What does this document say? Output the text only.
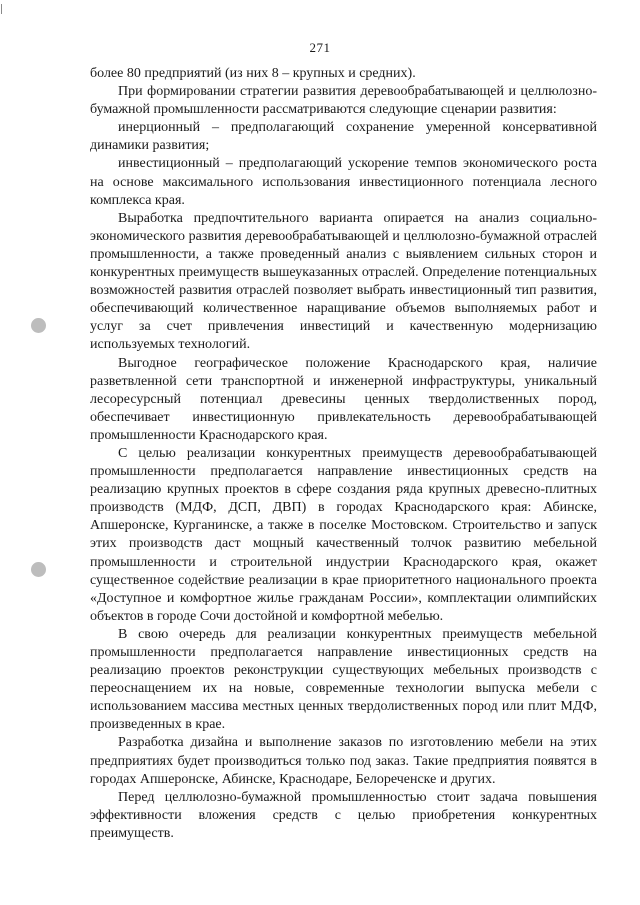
271

более 80 предприятий (из них 8 – крупных и средних).

При формировании стратегии развития деревообрабатывающей и целлюлозно-бумажной промышленности рассматриваются следующие сценарии развития:

инерционный – предполагающий сохранение умеренной консервативной динамики развития;

инвестиционный – предполагающий ускорение темпов экономического роста на основе максимального использования инвестиционного потенциала лесного комплекса края.

Выработка предпочтительного варианта опирается на анализ социально-экономического развития деревообрабатывающей и целлюлозно-бумажной отраслей промышленности, а также проведенный анализ с выявлением сильных сторон и конкурентных преимуществ вышеуказанных отраслей. Определение потенциальных возможностей развития отраслей позволяет выбрать инвестиционный тип развития, обеспечивающий количественное наращивание объемов выполняемых работ и услуг за счет привлечения инвестиций и качественную модернизацию используемых технологий.

Выгодное географическое положение Краснодарского края, наличие разветвленной сети транспортной и инженерной инфраструктуры, уникальный лесоресурсный потенциал древесины ценных твердолиственных пород, обеспечивает инвестиционную привлекательность деревообрабатывающей промышленности Краснодарского края.

С целью реализации конкурентных преимуществ деревообрабатывающей промышленности предполагается направление инвестиционных средств на реализацию крупных проектов в сфере создания ряда крупных древесно-плитных производств (МДФ, ДСП, ДВП) в городах Краснодарского края: Абинске, Апшеронске, Курганинске, а также в поселке Мостовском. Строительство и запуск этих производств даст мощный качественный толчок развитию мебельной промышленности и строительной индустрии Краснодарского края, окажет существенное содействие реализации в крае приоритетного национального проекта «Доступное и комфортное жилье гражданам России», комплектации олимпийских объектов в городе Сочи достойной и комфортной мебелью.

В свою очередь для реализации конкурентных преимуществ мебельной промышленности предполагается направление инвестиционных средств на реализацию проектов реконструкции существующих мебельных производств с переоснащением их на новые, современные технологии выпуска мебели с использованием массива местных ценных твердолиственных пород или плит МДФ, произведенных в крае.

Разработка дизайна и выполнение заказов по изготовлению мебели на этих предприятиях будет производиться только под заказ. Такие предприятия появятся в городах Апшеронске, Абинске, Краснодаре, Белореченске и других.

Перед целлюлозно-бумажной промышленностью стоит задача повышения эффективности вложения средств с целью приобретения конкурентных преимуществ.
